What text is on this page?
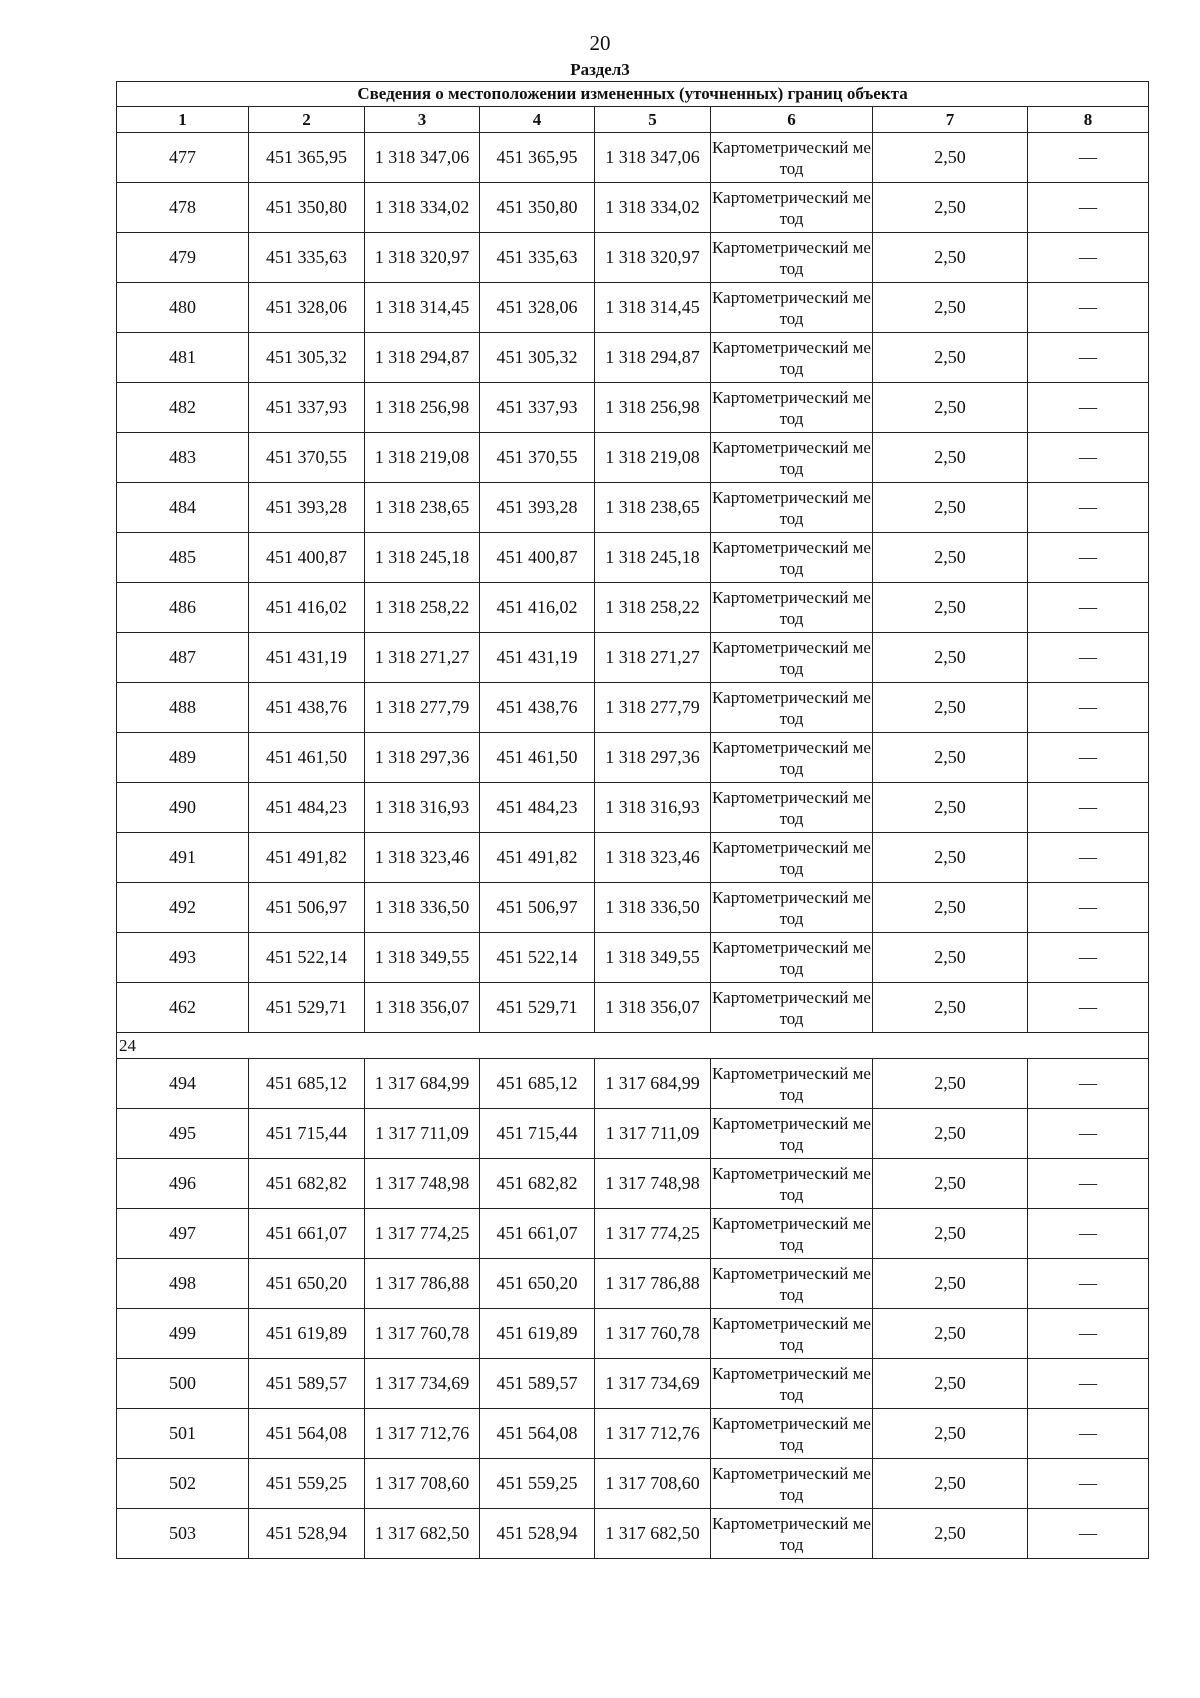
20
Раздел3
Сведения о местоположении измененных (уточненных) границ объекта							
1	2	3	4	5	6	7	8
477	451 365,95	1 318 347,06	451 365,95	1 318 347,06	Картометрический метод	2,50	—
478	451 350,80	1 318 334,02	451 350,80	1 318 334,02	Картометрический метод	2,50	—
479	451 335,63	1 318 320,97	451 335,63	1 318 320,97	Картометрический метод	2,50	—
480	451 328,06	1 318 314,45	451 328,06	1 318 314,45	Картометрический метод	2,50	—
481	451 305,32	1 318 294,87	451 305,32	1 318 294,87	Картометрический метод	2,50	—
482	451 337,93	1 318 256,98	451 337,93	1 318 256,98	Картометрический метод	2,50	—
483	451 370,55	1 318 219,08	451 370,55	1 318 219,08	Картометрический метод	2,50	—
484	451 393,28	1 318 238,65	451 393,28	1 318 238,65	Картометрический метод	2,50	—
485	451 400,87	1 318 245,18	451 400,87	1 318 245,18	Картометрический метод	2,50	—
486	451 416,02	1 318 258,22	451 416,02	1 318 258,22	Картометрический метод	2,50	—
487	451 431,19	1 318 271,27	451 431,19	1 318 271,27	Картометрический метод	2,50	—
488	451 438,76	1 318 277,79	451 438,76	1 318 277,79	Картометрический метод	2,50	—
489	451 461,50	1 318 297,36	451 461,50	1 318 297,36	Картометрический метод	2,50	—
490	451 484,23	1 318 316,93	451 484,23	1 318 316,93	Картометрический метод	2,50	—
491	451 491,82	1 318 323,46	451 491,82	1 318 323,46	Картометрический метод	2,50	—
492	451 506,97	1 318 336,50	451 506,97	1 318 336,50	Картометрический метод	2,50	—
493	451 522,14	1 318 349,55	451 522,14	1 318 349,55	Картометрический метод	2,50	—
462	451 529,71	1 318 356,07	451 529,71	1 318 356,07	Картометрический метод	2,50	—
24							
494	451 685,12	1 317 684,99	451 685,12	1 317 684,99	Картометрический метод	2,50	—
495	451 715,44	1 317 711,09	451 715,44	1 317 711,09	Картометрический метод	2,50	—
496	451 682,82	1 317 748,98	451 682,82	1 317 748,98	Картометрический метод	2,50	—
497	451 661,07	1 317 774,25	451 661,07	1 317 774,25	Картометрический метод	2,50	—
498	451 650,20	1 317 786,88	451 650,20	1 317 786,88	Картометрический метод	2,50	—
499	451 619,89	1 317 760,78	451 619,89	1 317 760,78	Картометрический метод	2,50	—
500	451 589,57	1 317 734,69	451 589,57	1 317 734,69	Картометрический метод	2,50	—
501	451 564,08	1 317 712,76	451 564,08	1 317 712,76	Картометрический метод	2,50	—
502	451 559,25	1 317 708,60	451 559,25	1 317 708,60	Картометрический метод	2,50	—
503	451 528,94	1 317 682,50	451 528,94	1 317 682,50	Картометрический метод	2,50	—
